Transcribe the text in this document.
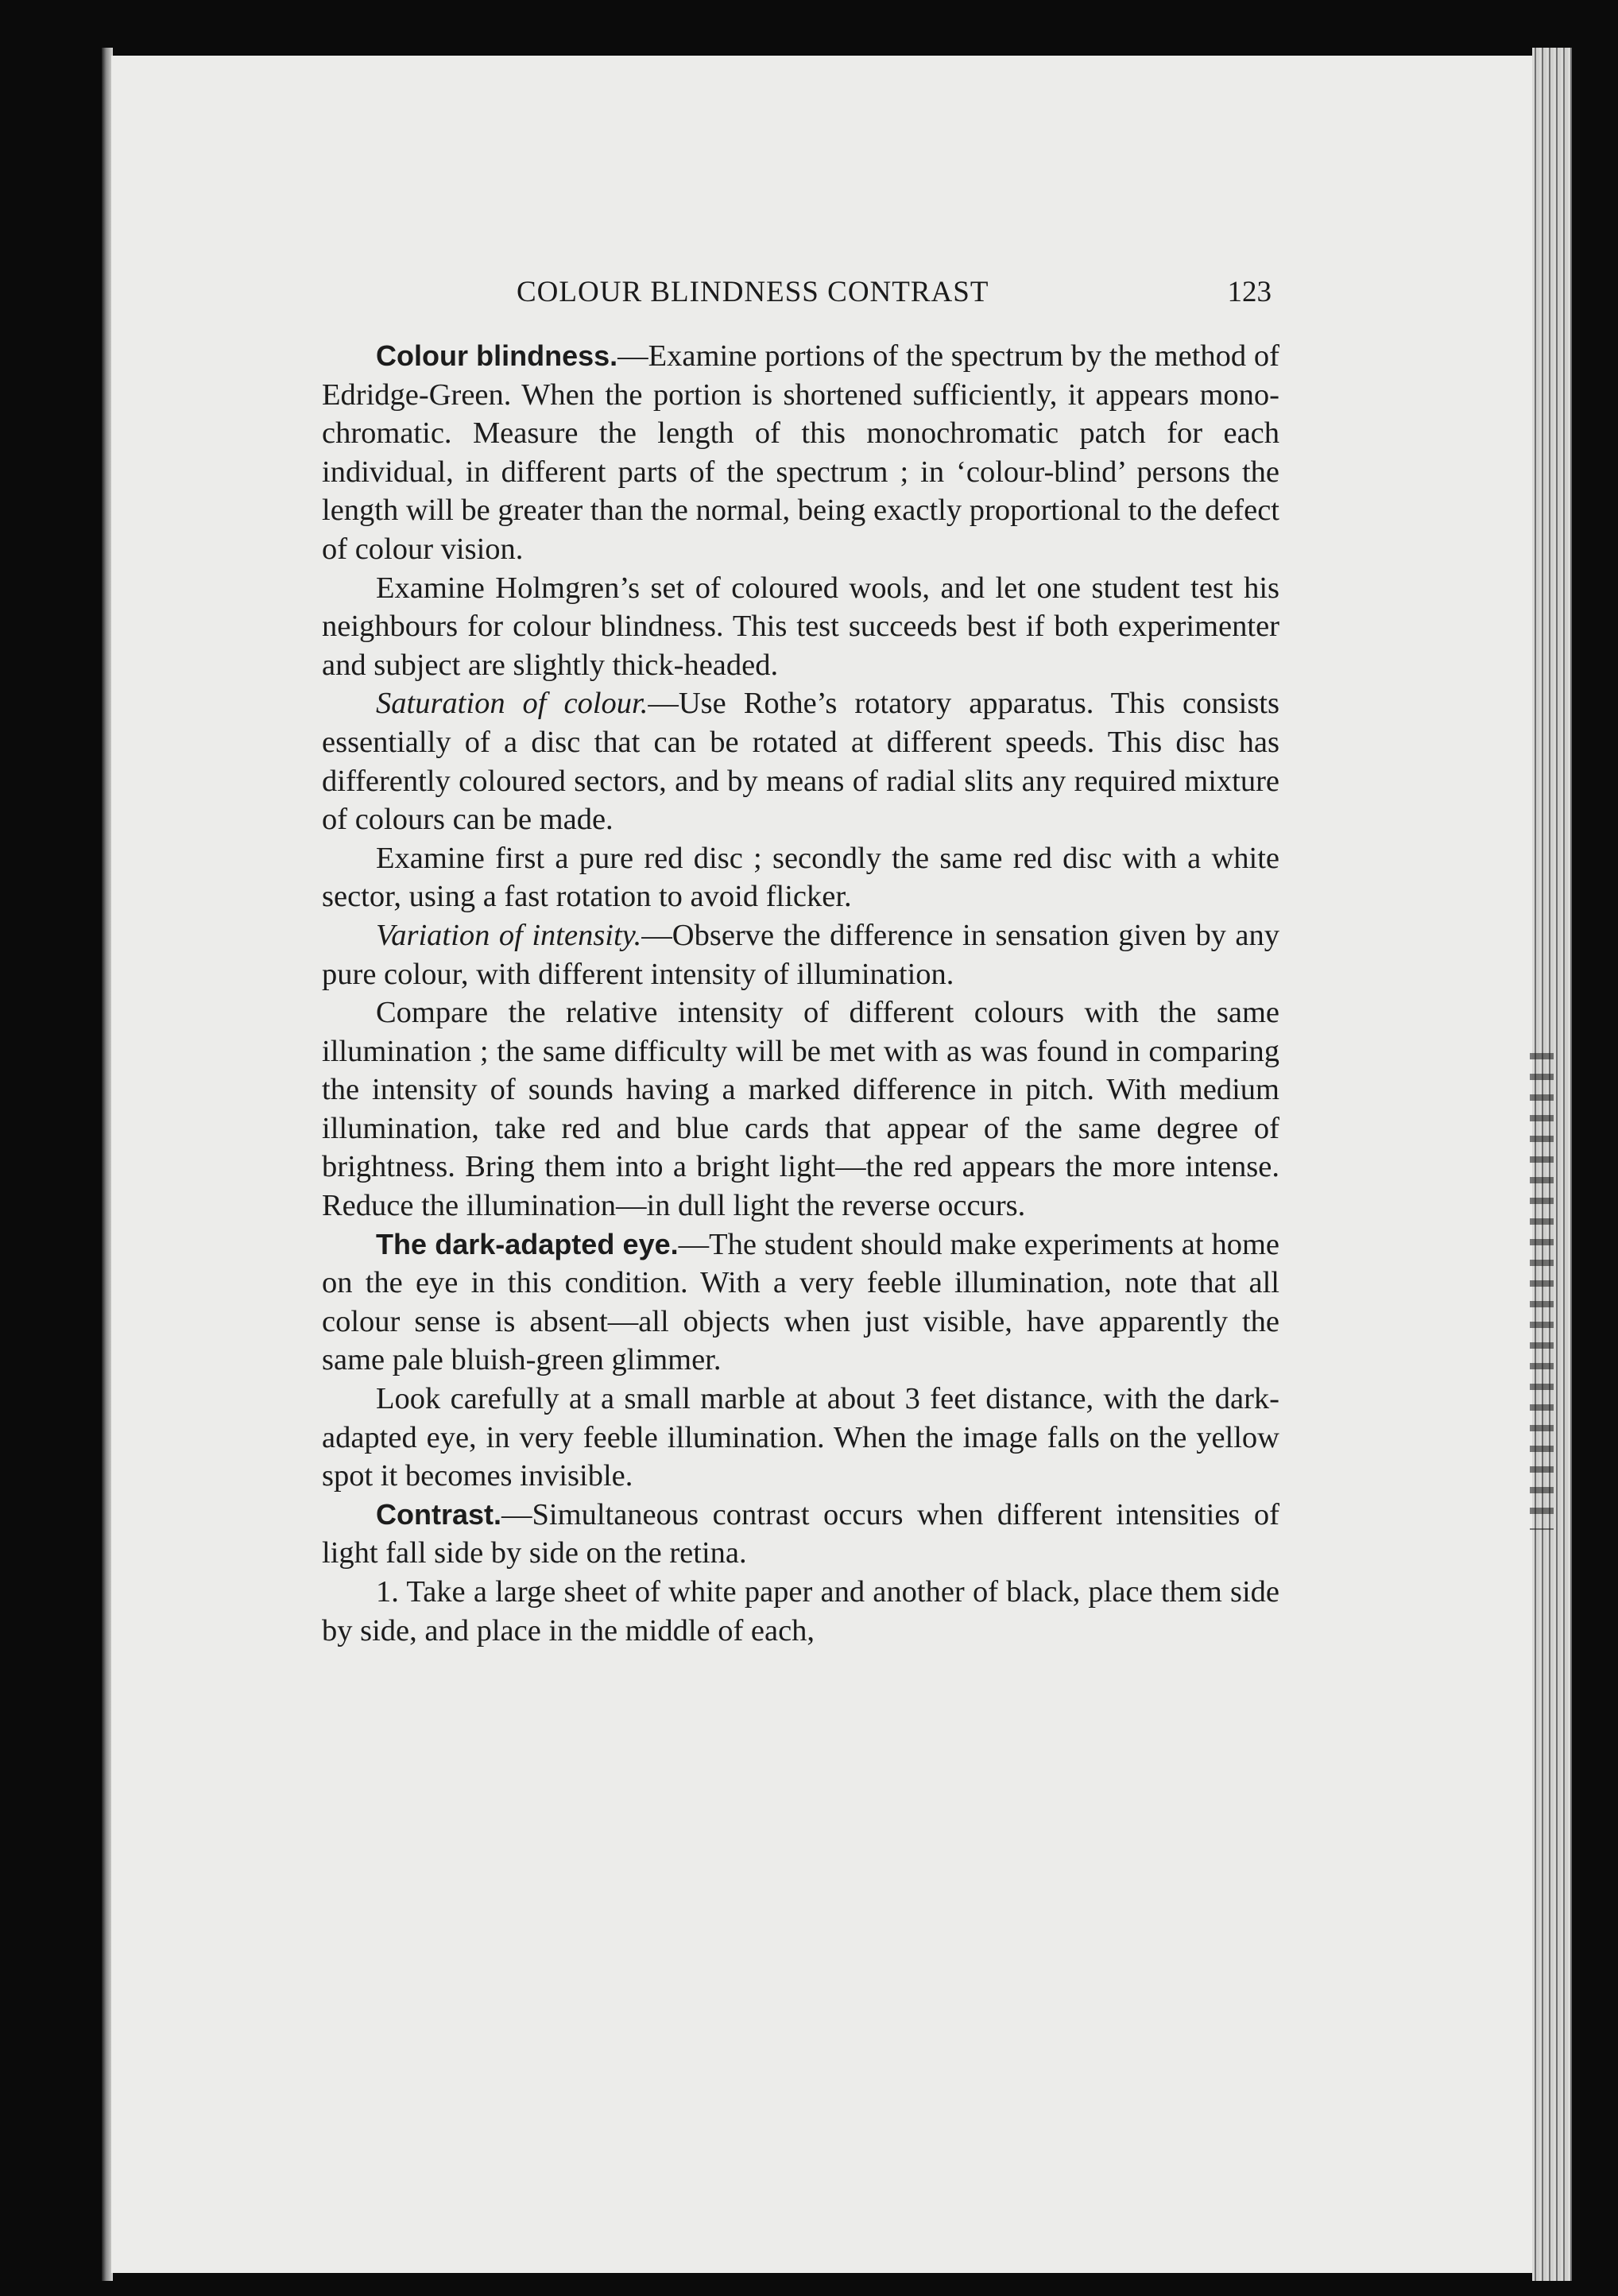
COLOUR BLINDNESS CONTRAST	123

Colour blindness.—Examine portions of the spectrum by the method of Edridge-Green. When the portion is shortened sufficiently, it appears mono-chromatic. Measure the length of this monochromatic patch for each individual, in different parts of the spectrum ; in ‘colour-blind’ persons the length will be greater than the normal, being exactly proportional to the defect of colour vision.

Examine Holmgren’s set of coloured wools, and let one student test his neighbours for colour blindness. This test succeeds best if both experimenter and subject are slightly thick-headed.

Saturation of colour.—Use Rothe’s rotatory apparatus. This consists essentially of a disc that can be rotated at different speeds. This disc has differently coloured sectors, and by means of radial slits any required mixture of colours can be made.

Examine first a pure red disc ; secondly the same red disc with a white sector, using a fast rotation to avoid flicker.

Variation of intensity.—Observe the difference in sensation given by any pure colour, with different intensity of illumination.

Compare the relative intensity of different colours with the same illumination ; the same difficulty will be met with as was found in comparing the intensity of sounds having a marked difference in pitch. With medium illumination, take red and blue cards that appear of the same degree of brightness. Bring them into a bright light—the red appears the more intense. Reduce the illumination—in dull light the reverse occurs.

The dark-adapted eye.—The student should make experiments at home on the eye in this condition. With a very feeble illumination, note that all colour sense is absent—all objects when just visible, have apparently the same pale bluish-green glimmer.

Look carefully at a small marble at about 3 feet distance, with the dark-adapted eye, in very feeble illumination. When the image falls on the yellow spot it becomes invisible.

Contrast.—Simultaneous contrast occurs when different intensities of light fall side by side on the retina.

1. Take a large sheet of white paper and another of black, place them side by side, and place in the middle of each,
